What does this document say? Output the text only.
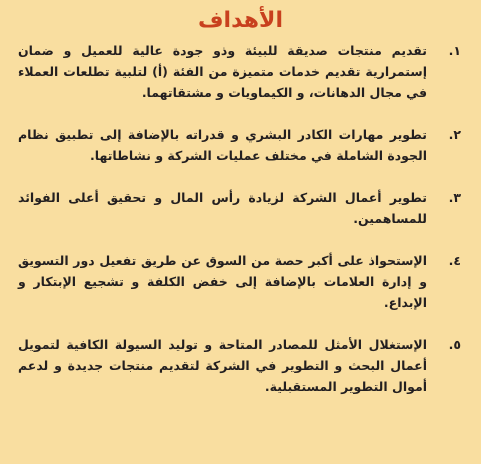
الأهداف
١.
تقديم منتجات صديقة للبيئة وذو جودة عالية للعميل و ضمان إستمرارية تقديم خدمات متميزة من الفئة (أ) لتلبية تطلعات العملاء في مجال الدهانات، و الكيماويات و مشتقاتهما.
٢.
تطوير مهارات الكادر البشري و قدراته بالإضافة إلى تطبيق نظام الجودة الشاملة في مختلف عمليات الشركة و نشاطاتها.
٣.
تطوير أعمال الشركة لزيادة رأس المال و تحقيق أعلى الفوائد للمساهمين.
٤.
الإستحواذ على أكبر حصة من السوق عن طريق تفعيل دور التسويق و إدارة العلامات بالإضافة إلى خفض الكلفة و تشجيع الإبتكار و الإبداع.
٥.
الإستغلال الأمثل للمصادر المتاحة و توليد السيولة الكافية لتمويل أعمال البحث و التطوير في الشركة لتقديم منتجات جديدة و لدعم أموال التطوير المستقبلية.
